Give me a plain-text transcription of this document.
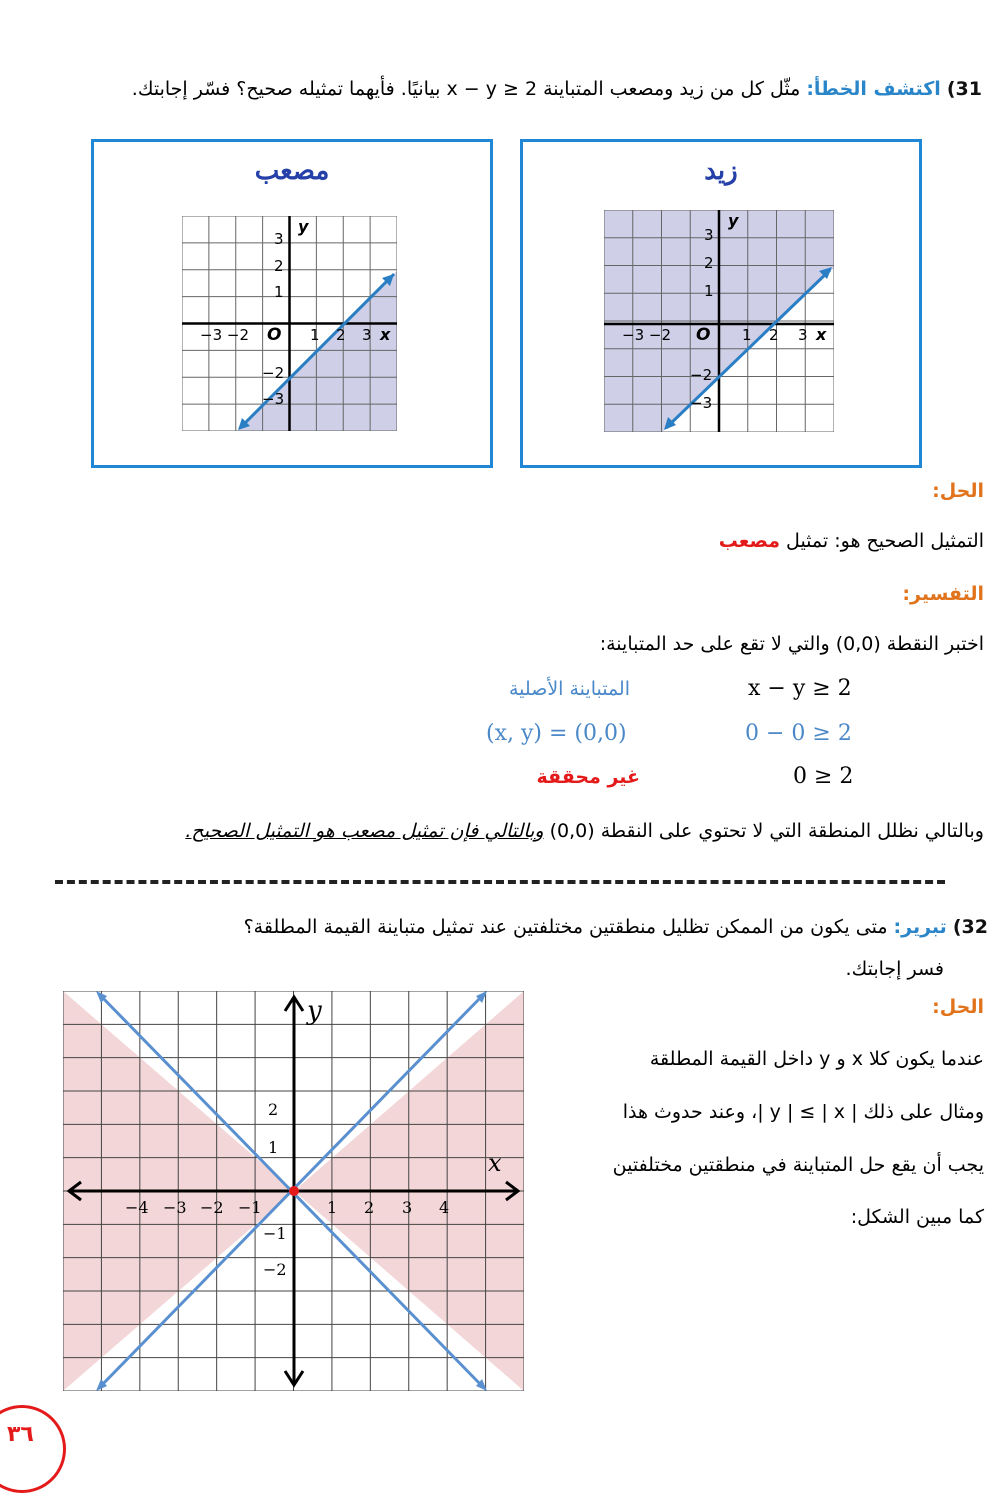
31) اكتشف الخطأ: مثّل كل من زيد ومصعب المتباينة x − y ≥ 2 بيانيًا. فأيهما تمثيله صحيح؟ فسّر إجابتك.
مصعب
y
x
O
−3 −2	1 2 3
3
2
1
−2
−3
زيد
y
x
O
−3 −2	1 2 3
3
2
1
−2
−3
الحل:
التمثيل الصحيح هو: تمثيل مصعب
التفسير:
اختبر النقطة (0,0) والتي لا تقع على حد المتباينة:
x − y ≥ 2
المتباينة الأصلية
0 − 0 ≥ 2
(x, y) = (0,0)
0 ≥ 2
غير محققة
وبالتالي نظلل المنطقة التي لا تحتوي على النقطة (0,0) وبالتالي فإن تمثيل مصعب هو التمثيل الصحيح.
32) تبرير: متى يكون من الممكن تظليل منطقتين مختلفتين عند تمثيل متباينة القيمة المطلقة؟
فسر إجابتك.
الحل:
عندما يكون كلا x و y داخل القيمة المطلقة
ومثال على ذلك | y | ≤ | x |، وعند حدوث هذا
يجب أن يقع حل المتباينة في منطقتين مختلفتين
كما مبين الشكل:
y
x
−4 −3 −2 −1	1 2 3 4
2
1
−1
−2
٣٦
